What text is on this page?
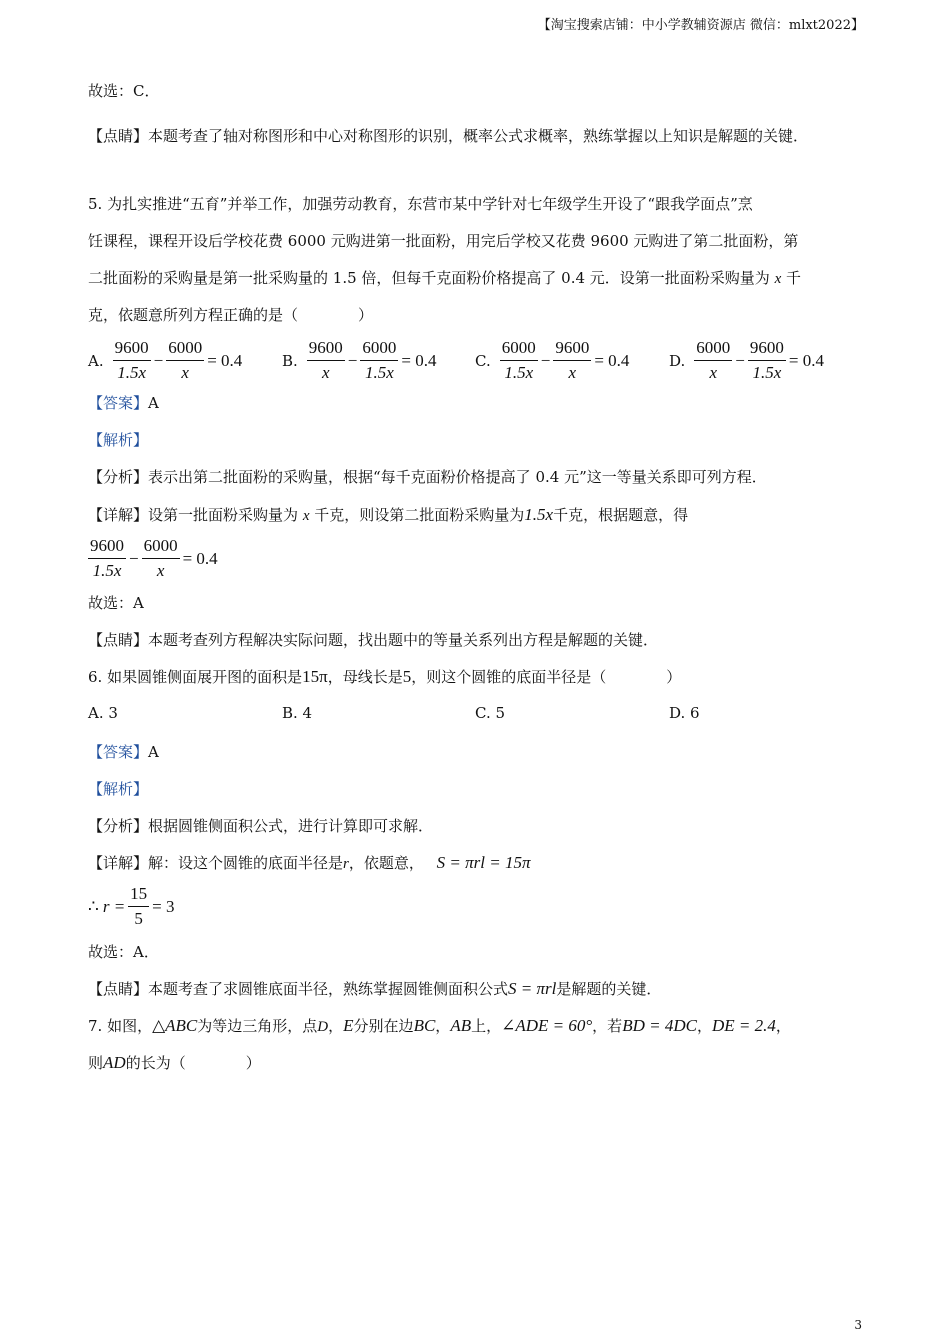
【淘宝搜索店铺：中小学教辅资源店 微信：mlxt2022】
故选：C．
【点睛】本题考查了轴对称图形和中心对称图形的识别，概率公式求概率，熟练掌握以上知识是解题的关键．
5. 为扎实推进“五育”并举工作，加强劳动教育，东营市某中学针对七年级学生开设了“跟我学面点”烹
饪课程，课程开设后学校花费 6000 元购进第一批面粉，用完后学校又花费 9600 元购进了第二批面粉，第
二批面粉的采购量是第一批采购量的 1.5 倍，但每千克面粉价格提高了 0.4 元．设第一批面粉采购量为 x 千
克，依题意所列方程正确的是（　　　　）
A. $\frac{9600}{1.5x} - \frac{6000}{x} = 0.4$	B. $\frac{9600}{x} - \frac{6000}{1.5x} = 0.4$	C. $\frac{6000}{1.5x} - \frac{9600}{x} = 0.4$	D. $\frac{6000}{x} - \frac{9600}{1.5x} = 0.4$
【答案】A
【解析】
【分析】表示出第二批面粉的采购量，根据“每千克面粉价格提高了 0.4 元”这一等量关系即可列方程．
【详解】设第一批面粉采购量为 x 千克，则设第二批面粉采购量为1.5x千克，根据题意，得
$\frac{9600}{1.5x} - \frac{6000}{x} = 0.4$
故选：A
【点睛】本题考查列方程解决实际问题，找出题中的等量关系列出方程是解题的关键．
6. 如果圆锥侧面展开图的面积是15π，母线长是5，则这个圆锥的底面半径是（　　　　）
A. 3	B. 4	C. 5	D. 6
【答案】A
【解析】
【分析】根据圆锥侧面积公式，进行计算即可求解．
【详解】解：设这个圆锥的底面半径是r，依题意， S = πrl = 15π
∴ $r = \frac{15}{5} = 3$
故选：A．
【点睛】本题考查了求圆锥底面半径，熟练掌握圆锥侧面积公式S = πrl是解题的关键．
7. 如图，△ABC为等边三角形，点D，E分别在边BC，AB上，∠ADE = 60°，若BD = 4DC，DE = 2.4，
则AD的长为（　　　　）
3
